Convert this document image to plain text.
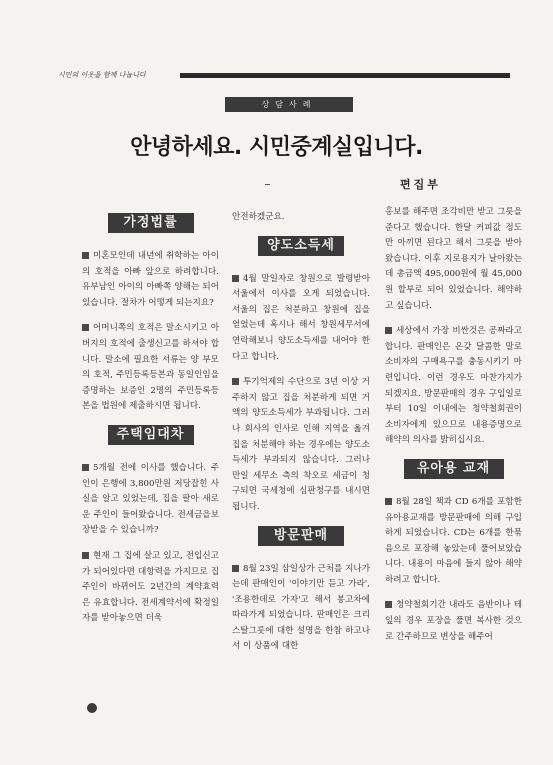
시민의 이웃을 함께 나눕니다
상담사례
안녕하세요. 시민중계실입니다.
편집부
가정법률

미혼모인데 내년에 취학하는 아이의 호적을 아빠 앞으로 하려합니다. 유부남인 아이의 아빠쪽 양해는 되어 있습니다. 절차가 어떻게 되는지요?

어머니쪽의 호적은 말소시키고 아버지의 호적에 출생신고를 하셔야 합니다. 말소에 필요한 서류는 양 부모의 호적, 주민등록등본과 동일인임을 증명하는 보증인 2명의 주민등록등본을 법원에 제출하시면 됩니다.

주택임대차

5개월 전에 이사를 했습니다. 주인이 은행에 3,800만원 저당잡힌 사실을 알고 있었는데, 집을 팔아 새로운 주인이 들어왔습니다. 전세금을보장받을 수 있습니까?

현재 그 집에 살고 있고, 전입신고가 되어있다면 대항력을 가지므로 집주인이 바뀌어도 2년간의 계약효력은 유효합니다. 전세계약서에 확정일자를 받아놓으면 더욱

안전하겠군요.

양도소득세

4월 말일자로 창원으로 발령받아 서울에서 이사를 오게 되었습니다. 서울의 집은 처분하고 창원에 집을 얻었는데 혹시나 해서 창원세무서에 연락해보니 양도소득세를 내어야 한다고 합니다.

투기억제의 수단으로 3년 이상 거주하지 않고 집을 처분하게 되면 거액의 양도소득세가 부과됩니다. 그러나 회사의 인사로 인해 지역을 옮겨 집을 처분해야 하는 경우에는 양도소득세가 부과되지 않습니다. 그러나 만일 세무소 측의 착오로 세금이 청구되면 국세청에 심판청구를 내시면 됩니다.

방문판매

8월 23일 삼일상가 근처를 지나가는데 판매인이 '이야기만 듣고 가라', '조용한데로 가자'고 해서 봉고차에 따라가게 되었습니다. 판매인은 크리스탈그릇에 대한 설명을 한참 하고나서 이 상품에 대한

홍보를 해주면 조각비만 받고 그릇을 준다고 했습니다. 한달 커피값 정도만 아끼면 된다고 해서 그릇을 받아왔습니다. 이후 지로용지가 날아왔는데 총금액 495,000원에 월 45,000원 할부로 되어 있었습니다. 해약하고 싶습니다.

세상에서 가장 비싼것은 공짜라고 합니다. 판매인은 온갖 달콤한 말로 소비자의 구매욕구를 충동시키기 마련입니다. 이런 경우도 마찬가지가 되겠지요. 방문판매의 경우 구입일로부터 10일 이내에는 청약철회권이 소비자에게 있으므로 내용증명으로 해약의 의사를 밝히십시요.

유아용 교재

8월 28일 책과 CD 6개를 포함한 유아용교재를 방문판매에 의해 구입하게 되었습니다. CD는 6개를 한묶음으로 포장해 놓았는데 풀어보았습니다. 내용이 마음에 들지 않아 해약하려고 합니다.

청약철회기간 내라도 음반이나 테잎의 경우 포장을 풀면 복사한 것으로 간주하므로 변상을 해주어
